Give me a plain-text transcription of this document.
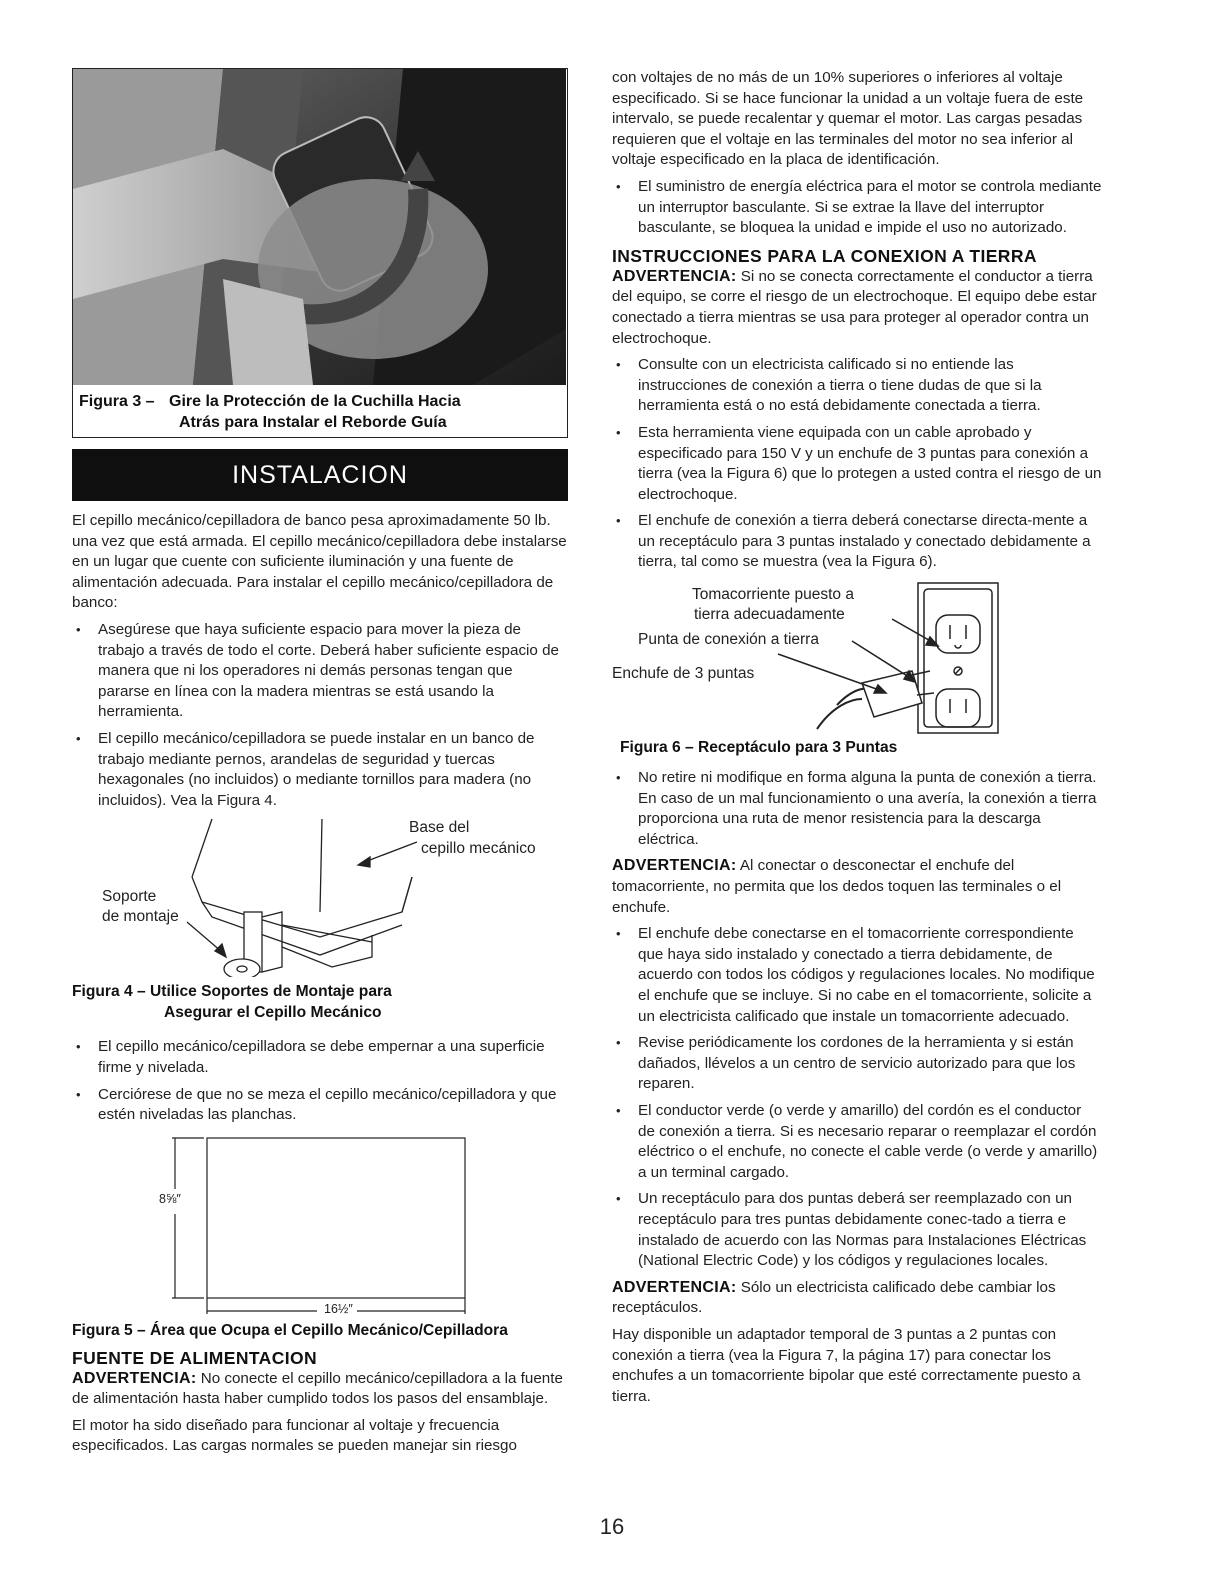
Figura 3 – Gire la Protección de la Cuchilla Hacia
Atrás para Instalar el Reborde Guía
INSTALACION

El cepillo mecánico/cepilladora de banco pesa aproximadamente 50 lb. una vez que está armada. El cepillo mecánico/cepilladora debe instalarse en un lugar que cuente con suficiente iluminación y una fuente de alimentación adecuada. Para instalar el cepillo mecánico/cepilladora de banco:

• Asegúrese que haya suficiente espacio para mover la pieza de trabajo a través de todo el corte. Deberá haber suficiente espacio de manera que ni los operadores ni demás personas tengan que pararse en línea con la madera mientras se está usando la herramienta.
• El cepillo mecánico/cepilladora se puede instalar en un banco de trabajo mediante pernos, arandelas de seguridad y tuercas hexagonales (no incluidos) o mediante tornillos para madera (no incluidos). Vea la Figura 4.
Base del
cepillo mecánico
Soporte
de montaje
Figura 4 – Utilice Soportes de Montaje para
Asegurar el Cepillo Mecánico
• El cepillo mecánico/cepilladora se debe empernar a una superficie firme y nivelada.
• Cerciórese de que no se meza el cepillo mecánico/cepilladora y que estén niveladas las planchas.
8⅝″
16½″
Figura 5 – Área que Ocupa el Cepillo Mecánico/Cepilladora
FUENTE DE ALIMENTACION

ADVERTENCIA: No conecte el cepillo mecánico/cepilladora a la fuente de alimentación hasta haber cumplido todos los pasos del ensamblaje.

El motor ha sido diseñado para funcionar al voltaje y frecuencia especificados. Las cargas normales se pueden manejar sin riesgo

con voltajes de no más de un 10% superiores o inferiores al voltaje especificado. Si se hace funcionar la unidad a un voltaje fuera de este intervalo, se puede recalentar y quemar el motor. Las cargas pesadas requieren que el voltaje en las terminales del motor no sea inferior al voltaje especificado en la placa de identificación.

• El suministro de energía eléctrica para el motor se controla mediante un interruptor basculante. Si se extrae la llave del interruptor basculante, se bloquea la unidad e impide el uso no autorizado.
INSTRUCCIONES PARA LA CONEXION A TIERRA

ADVERTENCIA: Si no se conecta correctamente el conductor a tierra del equipo, se corre el riesgo de un electrochoque. El equipo debe estar conectado a tierra mientras se usa para proteger al operador contra un electrochoque.

• Consulte con un electricista calificado si no entiende las instrucciones de conexión a tierra o tiene dudas de que si la herramienta está o no está debidamente conectada a tierra.
• Esta herramienta viene equipada con un cable aprobado y especificado para 150 V y un enchufe de 3 puntas para conexión a tierra (vea la Figura 6) que lo protegen a usted contra el riesgo de un electrochoque.
• El enchufe de conexión a tierra deberá conectarse directa-mente a un receptáculo para 3 puntas instalado y conectado debidamente a tierra, tal como se muestra (vea la Figura 6).
Tomacorriente puesto a
tierra adecuadamente
Punta de conexión a tierra
Enchufe de 3 puntas
Figura 6 – Receptáculo para 3 Puntas
• No retire ni modifique en forma alguna la punta de conexión a tierra. En caso de un mal funcionamiento o una avería, la conexión a tierra proporciona una ruta de menor resistencia para la descarga eléctrica.

ADVERTENCIA: Al conectar o desconectar el enchufe del tomacorriente, no permita que los dedos toquen las terminales o el enchufe.

• El enchufe debe conectarse en el tomacorriente correspondiente que haya sido instalado y conectado a tierra debidamente, de acuerdo con todos los códigos y regulaciones locales. No modifique el enchufe que se incluye. Si no cabe en el tomacorriente, solicite a un electricista calificado que instale un tomacorriente adecuado.
• Revise periódicamente los cordones de la herramienta y si están dañados, llévelos a un centro de servicio autorizado para que los reparen.
• El conductor verde (o verde y amarillo) del cordón es el conductor de conexión a tierra. Si es necesario reparar o reemplazar el cordón eléctrico o el enchufe, no conecte el cable verde (o verde y amarillo) a un terminal cargado.
• Un receptáculo para dos puntas deberá ser reemplazado con un receptáculo para tres puntas debidamente conec-tado a tierra e instalado de acuerdo con las Normas para Instalaciones Eléctricas (National Electric Code) y los códigos y regulaciones locales.

ADVERTENCIA: Sólo un electricista calificado debe cambiar los receptáculos.

Hay disponible un adaptador temporal de 3 puntas a 2 puntas con conexión a tierra (vea la Figura 7, la página 17) para conectar los enchufes a un tomacorriente bipolar que esté correctamente puesto a tierra.

16
